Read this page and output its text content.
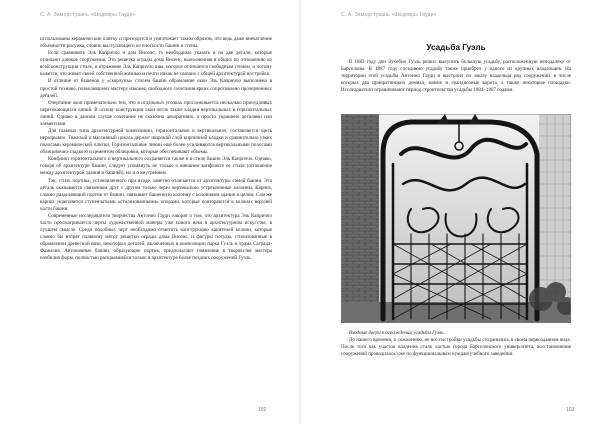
С. А. Заморстувань «Шедевры Гауди»

использованы керамические плитку и приходится и уничтожает таким образом, что ведь даже внечатление объемности рисунка, словно выступающего из плоскости башни и стены.

Если сравнивать Эль Каприччо и дом Висенс, то необходимо указать и на две детали, которые отличают данные сооружения. Это решетка ограды дома Висенс, выполненная в общих по отношению ко всей конструкции стиле, и отражение Эль Каприччо шва, которое отличается свободным стилем, и потому кажется, что живет своей собственной жизнью и почти никак не связано с общей архитектурой постройки.

В отличие от башенок у «скорлупы» стилем башни обрамление окон Эль Каприччо выполнено в простой технике, позволившему мастеру наконец свободного сочетания ярких сопротивлено прочерченных деталей.

Очертание окон примечательно тем, что в отдельных уголках прослеживается несколько причудливых пересекающихся линий. В основу конструкции окон легло также кладки вертикальных и горизонтальных линий. Однако в данном случае сочетание не сказочно декоративно, а просто украшено деталями или элементами.

Для главных типа архитектурной композиции, горизонтальное и вертикальное, составляется здесь неразрывно. Тяжелый и массивный цоколь держит широкий слой кирпичной кладки и сравнительно узких полосами керамической плитки. Горизонтальные линии ещё более усиливаются вертикальными полосами облицовочно-гладкого и цементом облицовки, которые обеспечивают объемы.

Конфликт горизонтального и вертикального сохраняется также и в стиле башни Эль Каприччо. Однако, говоря об архитектуре башни, следует упомянуть не только о внешнем конфликте ее стиля (отношение между архитектурой здания и башней), но и о внутреннем.

Так, стиль портика, установленного при входе, заметно отличается от архитектуры самой башни. Эта деталь оказывается связанным друг с другом только через вертикально устремленные колонны. Карниз, словно разделяющий портик от башни, связывает башенную колонну с колоннами здания в целом. Сам же карниз укрепляется ступенчатыми «стилизованными» опорами, которые повторяются в колонах верхней части башни.

Современные исследователи творчества Антонио Гауди говорят о том, что архитектура Эль Каприччо часто просматривается черты художественной манеры уже нового века в архитектурном искусстве, в лучшем смысле. Среди подобных черт необходимо отметить конструкцию капителей колонн, которые словно бы вторят плавному метру решетки ограды дома Висенс, и фигуры посуды, стилизованные в обрамлении древесной вязи, некоторых деталей, включенных в композиции парка Гуэль и храма Саграда-Фамилия. Автономные башни, образующие портик, предполагают появление в творчестве мастера изобилия форм, полностью раскрывшейся только в архитектуре более поздних сооружений Гуэль.

102
С. А. Заморстувань «Шедевры Гауди»
Усадьба Гуэль

В 1883 году дон Эусебио Гуэль решил выкупить большую усадьбу, расположенную неподалеку от Барселоны. В 1887 году соседнюю усадьбу также приобрел у одного из крупных владельцев. На территории этой усадьбы Антонио Гауди и выстроил по заказу владельца ряд сооружений, в числе которых два привратницких домика, манеж и грандиозные ворота, а также некоторые площадки. Исследователи ограничивают период строительства усадьбы 1884–1887 годами.

Входные двери в ограждении усадьбы Гуэль.
До нашего времени, к сожалению, не все постройки усадьбы сохранились в своем первозданном виде. После того как участок владения стало частью города Барселонского университета, восстановление сооружений проводилось уже по функциональным нуждам учебного заведения.
103
